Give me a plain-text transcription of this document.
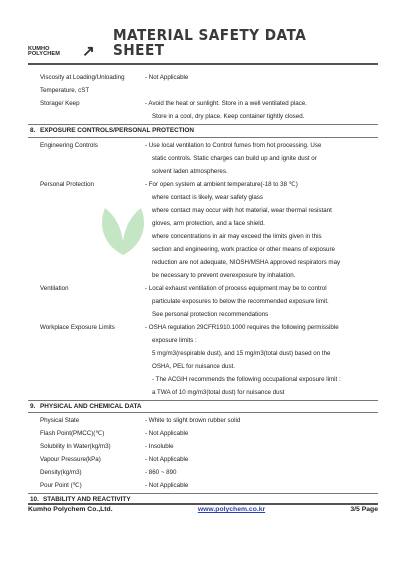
KUMHO POLYCHEM	↗
MATERIAL SAFETY DATA SHEET
Viscosity at Loading/Unloading	- Not Applicable
Temperature, cST
Storage/ Keep	- Avoid the heat or sunlight. Store in a well ventilated place.
Store in a cool, dry place. Keep container tightly closed.
8. EXPOSURE CONTROLS/PERSONAL PROTECTION
Engineering Controls	- Use local ventilation to Control fumes from hot processing. Use
static controls. Static charges can build up and ignite dust or
solvent laden atmospheres.
Personal Protection	- For open system at ambient temperature(-18 to 38 ℃)
where contact is likely, wear safety glass
where contact may occur with hot material, wear thermal resistant
gloves, arm protection, and a face shield.
where concentrations in air may exceed the limits given in this
section and engineering, work practice or other means of exposure
reduction are not adequate, NIOSH/MSHA approved respirators may
be necessary to prevent overexposure by inhalation.
Ventilation	- Local exhaust ventilation of process equipment may be to control
particulate exposures to below the recommended exposure limit.
See personal protection recommendations
Workplace Exposure Limits	- OSHA regulation 29CFR1910.1000 requires the following permissible
exposure limits :
5 mg/m3(respirable dust), and 15 mg/m3(total dust) based on the
OSHA, PEL for nuisance dust.
- The ACGIH recommends the following occupational exposure limit :
a TWA of 10 mg/m3(total dust) for nuisance dust
9. PHYSICAL AND CHEMICAL DATA
Physical State	- White to slight brown rubber solid
Flash Point(PMCC)(℃)	- Not Applicable
Solubility In Water(kg/m3)	- Insoluble
Vapour Pressure(kPa)	- Not Applicable
Density(kg/m3)	- 860 ~ 890
Pour Point (℃)	- Not Applicable
10. STABILITY AND REACTIVITY
Kumho Polychem Co.,Ltd.	www.polychem.co.kr	3/5 Page
